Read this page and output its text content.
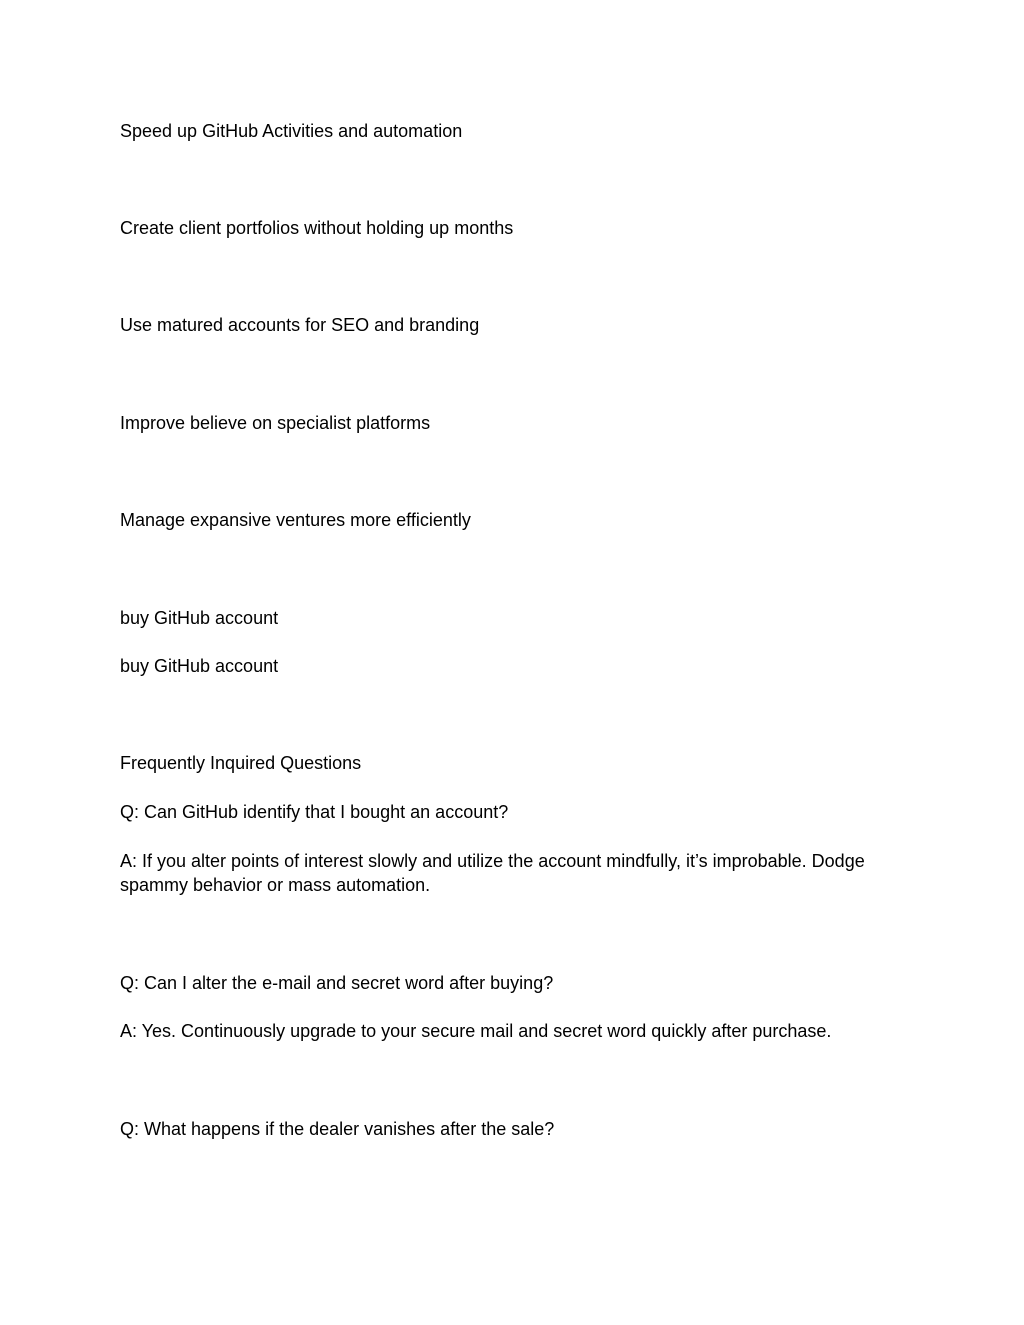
Speed up GitHub Activities and automation

Create client portfolios without holding up months

Use matured accounts for SEO and branding

Improve believe on specialist platforms

Manage expansive ventures more efficiently

buy GitHub account

buy GitHub account

Frequently Inquired Questions

Q: Can GitHub identify that I bought an account?

A: If you alter points of interest slowly and utilize the account mindfully, it’s improbable. Dodge spammy behavior or mass automation.

Q: Can I alter the e-mail and secret word after buying?

A: Yes. Continuously upgrade to your secure mail and secret word quickly after purchase.

Q: What happens if the dealer vanishes after the sale?
